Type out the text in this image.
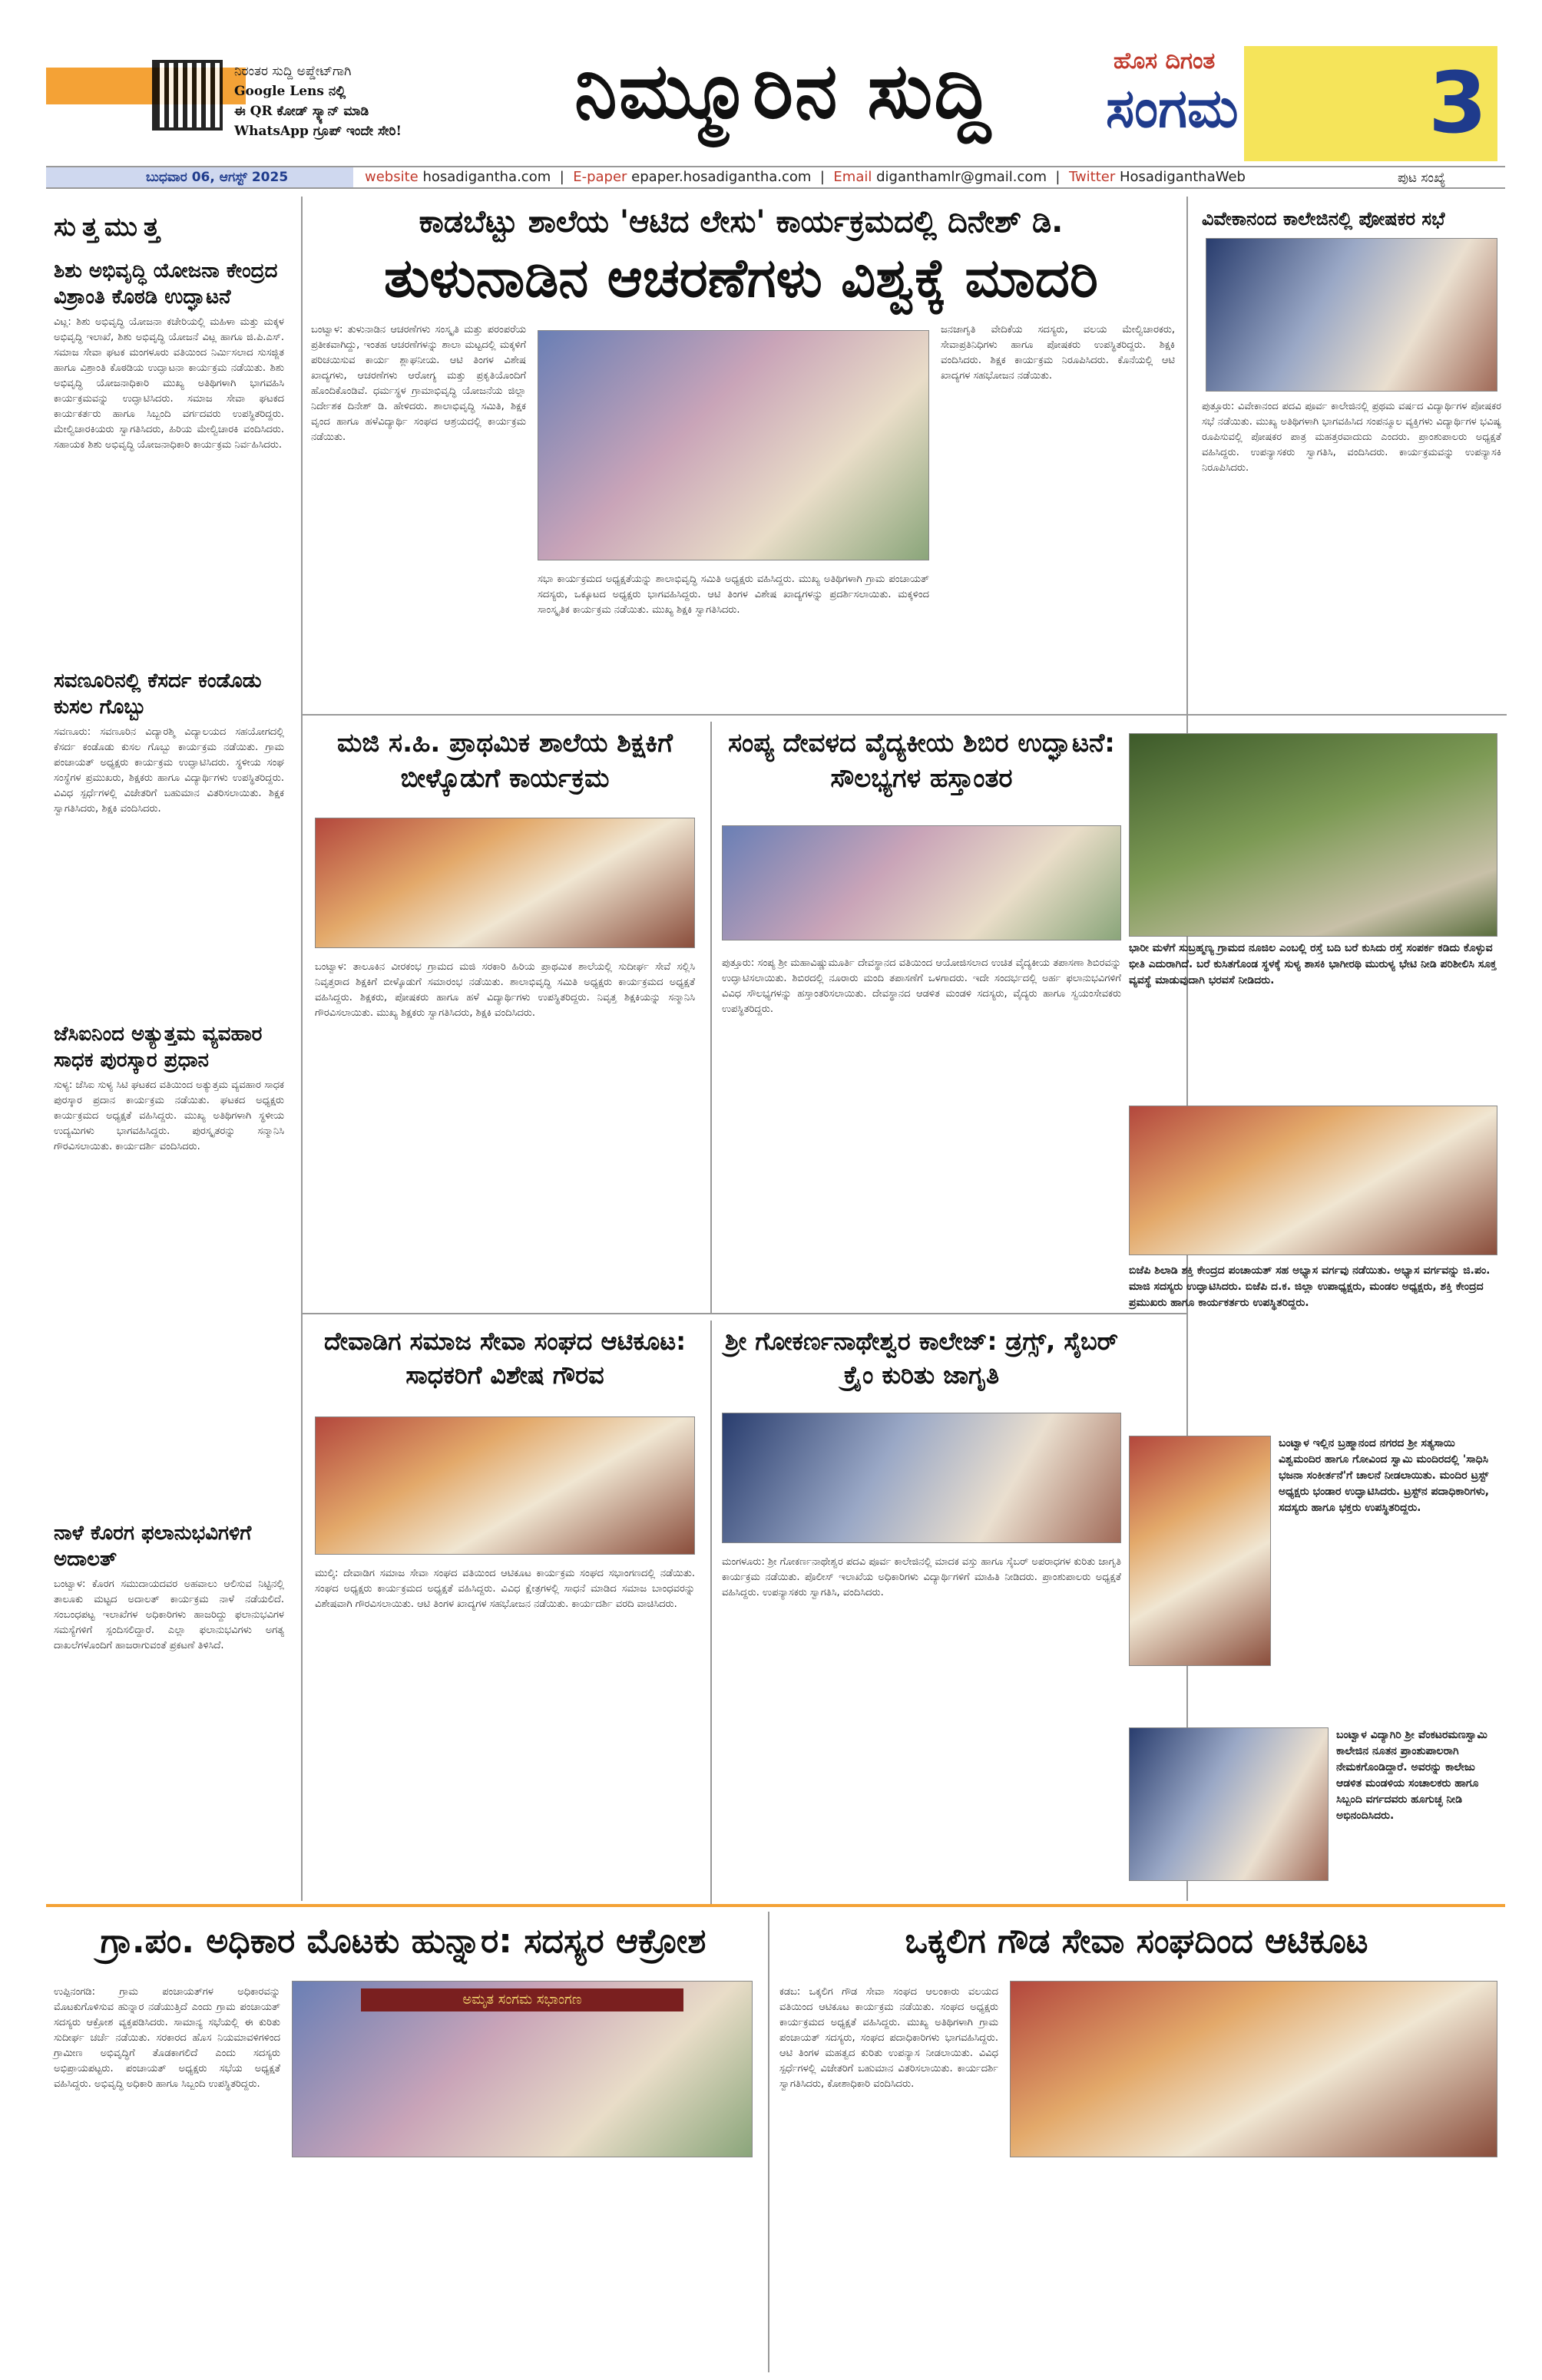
ನಿರಂತರ ಸುದ್ದಿ ಅಪ್ಡೇಟ್‌ಗಾಗಿ
Google Lens ನಲ್ಲಿ
ಈ QR ಕೋಡ್ ಸ್ಕ್ಯಾನ್ ಮಾಡಿ
WhatsApp ಗ್ರೂಪ್ ಇಂದೇ ಸೇರಿ!	ನಿಮ್ಮೂರಿನ ಸುದ್ದಿ	ಹೊಸ ದಿಗಂತ
ಸಂಗಮ 3
ಬುಧವಾರ 06, ಆಗಸ್ಟ್ 2025	website hosadigantha.com  |  E-paper epaper.hosadigantha.com  |  Email diganthamlr@gmail.com  |  Twitter HosadiganthaWeb	ಪುಟ ಸಂಖ್ಯೆ
ಸುತ್ತಮುತ್ತ
ಶಿಶು ಅಭಿವೃದ್ಧಿ ಯೋಜನಾ ಕೇಂದ್ರದ ವಿಶ್ರಾಂತಿ ಕೊಠಡಿ ಉದ್ಘಾಟನೆ
ವಿಟ್ಲ: ಶಿಶು ಅಭಿವೃದ್ಧಿ ಯೋಜನಾ ಕಚೇರಿಯಲ್ಲಿ ಮಹಿಳಾ ಮತ್ತು ಮಕ್ಕಳ ಅಭಿವೃದ್ಧಿ ಇಲಾಖೆ, ಶಿಶು ಅಭಿವೃದ್ಧಿ ಯೋಜನೆ ವಿಟ್ಲ ಹಾಗೂ ಜಿ.ಪಿ.ಎಸ್. ಸಮಾಜ ಸೇವಾ ಘಟಕ ಮಂಗಳೂರು ವತಿಯಿಂದ ನಿರ್ಮಿಸಲಾದ ಸುಸಜ್ಜಿತ ಹಾಗೂ ವಿಶ್ರಾಂತಿ ಕೊಠಡಿಯ ಉದ್ಘಾಟನಾ ಕಾರ್ಯಕ್ರಮ ನಡೆಯಿತು. ಶಿಶು ಅಭಿವೃದ್ಧಿ ಯೋಜನಾಧಿಕಾರಿ ಮುಖ್ಯ ಅತಿಥಿಗಳಾಗಿ ಭಾಗವಹಿಸಿ ಕಾರ್ಯಕ್ರಮವನ್ನು ಉದ್ಘಾಟಿಸಿದರು. ಸಮಾಜ ಸೇವಾ ಘಟಕದ ಕಾರ್ಯಕರ್ತರು ಹಾಗೂ ಸಿಬ್ಬಂದಿ ವರ್ಗದವರು ಉಪಸ್ಥಿತರಿದ್ದರು. ಮೇಲ್ವಿಚಾರಕಿಯರು ಸ್ವಾಗತಿಸಿದರು, ಹಿರಿಯ ಮೇಲ್ವಿಚಾರಕಿ ವಂದಿಸಿದರು. ಸಹಾಯಕ ಶಿಶು ಅಭಿವೃದ್ಧಿ ಯೋಜನಾಧಿಕಾರಿ ಕಾರ್ಯಕ್ರಮ ನಿರ್ವಹಿಸಿದರು.
ಸವಣೂರಿನಲ್ಲಿ ಕೆಸರ್ದ ಕಂಡೊಡು ಕುಸಲ ಗೊಬ್ಬು
ಸವಣೂರು: ಸವಣೂರಿನ ವಿದ್ಯಾರಶ್ಮಿ ವಿದ್ಯಾಲಯದ ಸಹಯೋಗದಲ್ಲಿ ಕೆಸರ್ದ ಕಂಡೊಡು ಕುಸಲ ಗೊಬ್ಬು ಕಾರ್ಯಕ್ರಮ ನಡೆಯಿತು. ಗ್ರಾಮ ಪಂಚಾಯತ್ ಅಧ್ಯಕ್ಷರು ಕಾರ್ಯಕ್ರಮ ಉದ್ಘಾಟಿಸಿದರು. ಸ್ಥಳೀಯ ಸಂಘ ಸಂಸ್ಥೆಗಳ ಪ್ರಮುಖರು, ಶಿಕ್ಷಕರು ಹಾಗೂ ವಿದ್ಯಾರ್ಥಿಗಳು ಉಪಸ್ಥಿತರಿದ್ದರು. ವಿವಿಧ ಸ್ಪರ್ಧೆಗಳಲ್ಲಿ ವಿಜೇತರಿಗೆ ಬಹುಮಾನ ವಿತರಿಸಲಾಯಿತು. ಶಿಕ್ಷಕ ಸ್ವಾಗತಿಸಿದರು, ಶಿಕ್ಷಕಿ ವಂದಿಸಿದರು.
ಜೆಸಿಐನಿಂದ ಅತ್ಯುತ್ತಮ ವ್ಯವಹಾರ ಸಾಧಕ ಪುರಸ್ಕಾರ ಪ್ರಧಾನ
ಸುಳ್ಯ: ಜೆಸಿಐ ಸುಳ್ಯ ಸಿಟಿ ಘಟಕದ ವತಿಯಿಂದ ಅತ್ಯುತ್ತಮ ವ್ಯವಹಾರ ಸಾಧಕ ಪುರಸ್ಕಾರ ಪ್ರದಾನ ಕಾರ್ಯಕ್ರಮ ನಡೆಯಿತು. ಘಟಕದ ಅಧ್ಯಕ್ಷರು ಕಾರ್ಯಕ್ರಮದ ಅಧ್ಯಕ್ಷತೆ ವಹಿಸಿದ್ದರು. ಮುಖ್ಯ ಅತಿಥಿಗಳಾಗಿ ಸ್ಥಳೀಯ ಉದ್ಯಮಿಗಳು ಭಾಗವಹಿಸಿದ್ದರು. ಪುರಸ್ಕೃತರನ್ನು ಸನ್ಮಾನಿಸಿ ಗೌರವಿಸಲಾಯಿತು. ಕಾರ್ಯದರ್ಶಿ ವಂದಿಸಿದರು.
ನಾಳೆ ಕೊರಗ ಫಲಾನುಭವಿಗಳಿಗೆ ಅದಾಲತ್
ಬಂಟ್ವಾಳ: ಕೊರಗ ಸಮುದಾಯದವರ ಅಹವಾಲು ಆಲಿಸುವ ನಿಟ್ಟಿನಲ್ಲಿ ತಾಲೂಕು ಮಟ್ಟದ ಅದಾಲತ್ ಕಾರ್ಯಕ್ರಮ ನಾಳೆ ನಡೆಯಲಿದೆ. ಸಂಬಂಧಪಟ್ಟ ಇಲಾಖೆಗಳ ಅಧಿಕಾರಿಗಳು ಹಾಜರಿದ್ದು ಫಲಾನುಭವಿಗಳ ಸಮಸ್ಯೆಗಳಿಗೆ ಸ್ಪಂದಿಸಲಿದ್ದಾರೆ. ಎಲ್ಲಾ ಫಲಾನುಭವಿಗಳು ಅಗತ್ಯ ದಾಖಲೆಗಳೊಂದಿಗೆ ಹಾಜರಾಗುವಂತೆ ಪ್ರಕಟಣೆ ತಿಳಿಸಿದೆ.
ಕಾಡಬೆಟ್ಟು ಶಾಲೆಯ 'ಆಟಿದ ಲೇಸು' ಕಾರ್ಯಕ್ರಮದಲ್ಲಿ ದಿನೇಶ್ ಡಿ.
ತುಳುನಾಡಿನ ಆಚರಣೆಗಳು ವಿಶ್ವಕ್ಕೆ ಮಾದರಿ
ಬಂಟ್ವಾಳ: ತುಳುನಾಡಿನ ಆಚರಣೆಗಳು ಸಂಸ್ಕೃತಿ ಮತ್ತು ಪರಂಪರೆಯ ಪ್ರತೀಕವಾಗಿದ್ದು, ಇಂತಹ ಆಚರಣೆಗಳನ್ನು ಶಾಲಾ ಮಟ್ಟದಲ್ಲಿ ಮಕ್ಕಳಿಗೆ ಪರಿಚಯಿಸುವ ಕಾರ್ಯ ಶ್ಲಾಘನೀಯ. ಆಟಿ ತಿಂಗಳ ವಿಶೇಷ ಖಾದ್ಯಗಳು, ಆಚರಣೆಗಳು ಆರೋಗ್ಯ ಮತ್ತು ಪ್ರಕೃತಿಯೊಂದಿಗೆ ಹೊಂದಿಕೊಂಡಿವೆ. ಧರ್ಮಸ್ಥಳ ಗ್ರಾಮಾಭಿವೃದ್ಧಿ ಯೋಜನೆಯ ಜಿಲ್ಲಾ ನಿರ್ದೇಶಕ ದಿನೇಶ್ ಡಿ. ಹೇಳಿದರು. ಶಾಲಾಭಿವೃದ್ಧಿ ಸಮಿತಿ, ಶಿಕ್ಷಕ ವೃಂದ ಹಾಗೂ ಹಳೆವಿದ್ಯಾರ್ಥಿ ಸಂಘದ ಆಶ್ರಯದಲ್ಲಿ ಕಾರ್ಯಕ್ರಮ ನಡೆಯಿತು.
ಸಭಾ ಕಾರ್ಯಕ್ರಮದ ಅಧ್ಯಕ್ಷತೆಯನ್ನು ಶಾಲಾಭಿವೃದ್ಧಿ ಸಮಿತಿ ಅಧ್ಯಕ್ಷರು ವಹಿಸಿದ್ದರು. ಮುಖ್ಯ ಅತಿಥಿಗಳಾಗಿ ಗ್ರಾಮ ಪಂಚಾಯತ್ ಸದಸ್ಯರು, ಒಕ್ಕೂಟದ ಅಧ್ಯಕ್ಷರು ಭಾಗವಹಿಸಿದ್ದರು. ಆಟಿ ತಿಂಗಳ ವಿಶೇಷ ಖಾದ್ಯಗಳನ್ನು ಪ್ರದರ್ಶಿಸಲಾಯಿತು. ಮಕ್ಕಳಿಂದ ಸಾಂಸ್ಕೃತಿಕ ಕಾರ್ಯಕ್ರಮ ನಡೆಯಿತು. ಮುಖ್ಯ ಶಿಕ್ಷಕಿ ಸ್ವಾಗತಿಸಿದರು.
ಜನಜಾಗೃತಿ ವೇದಿಕೆಯ ಸದಸ್ಯರು, ವಲಯ ಮೇಲ್ವಿಚಾರಕರು, ಸೇವಾಪ್ರತಿನಿಧಿಗಳು ಹಾಗೂ ಪೋಷಕರು ಉಪಸ್ಥಿತರಿದ್ದರು. ಶಿಕ್ಷಕಿ ವಂದಿಸಿದರು. ಶಿಕ್ಷಕ ಕಾರ್ಯಕ್ರಮ ನಿರೂಪಿಸಿದರು. ಕೊನೆಯಲ್ಲಿ ಆಟಿ ಖಾದ್ಯಗಳ ಸಹಭೋಜನ ನಡೆಯಿತು.
ವಿವೇಕಾನಂದ ಕಾಲೇಜಿನಲ್ಲಿ ಪೋಷಕರ ಸಭೆ
ಪುತ್ತೂರು: ವಿವೇಕಾನಂದ ಪದವಿ ಪೂರ್ವ ಕಾಲೇಜಿನಲ್ಲಿ ಪ್ರಥಮ ವರ್ಷದ ವಿದ್ಯಾರ್ಥಿಗಳ ಪೋಷಕರ ಸಭೆ ನಡೆಯಿತು. ಮುಖ್ಯ ಅತಿಥಿಗಳಾಗಿ ಭಾಗವಹಿಸಿದ ಸಂಪನ್ಮೂಲ ವ್ಯಕ್ತಿಗಳು ವಿದ್ಯಾರ್ಥಿಗಳ ಭವಿಷ್ಯ ರೂಪಿಸುವಲ್ಲಿ ಪೋಷಕರ ಪಾತ್ರ ಮಹತ್ತರವಾದುದು ಎಂದರು. ಪ್ರಾಂಶುಪಾಲರು ಅಧ್ಯಕ್ಷತೆ ವಹಿಸಿದ್ದರು. ಉಪನ್ಯಾಸಕರು ಸ್ವಾಗತಿಸಿ, ವಂದಿಸಿದರು. ಕಾರ್ಯಕ್ರಮವನ್ನು ಉಪನ್ಯಾಸಕಿ ನಿರೂಪಿಸಿದರು.
ಮಜಿ ಸ.ಹಿ. ಪ್ರಾಥಮಿಕ ಶಾಲೆಯ ಶಿಕ್ಷಕಿಗೆ ಬೀಳ್ಕೊಡುಗೆ ಕಾರ್ಯಕ್ರಮ
ಬಂಟ್ವಾಳ: ತಾಲೂಕಿನ ವೀರಕಂಭ ಗ್ರಾಮದ ಮಜಿ ಸರಕಾರಿ ಹಿರಿಯ ಪ್ರಾಥಮಿಕ ಶಾಲೆಯಲ್ಲಿ ಸುದೀರ್ಘ ಸೇವೆ ಸಲ್ಲಿಸಿ ನಿವೃತ್ತರಾದ ಶಿಕ್ಷಕಿಗೆ ಬೀಳ್ಕೊಡುಗೆ ಸಮಾರಂಭ ನಡೆಯಿತು. ಶಾಲಾಭಿವೃದ್ಧಿ ಸಮಿತಿ ಅಧ್ಯಕ್ಷರು ಕಾರ್ಯಕ್ರಮದ ಅಧ್ಯಕ್ಷತೆ ವಹಿಸಿದ್ದರು. ಶಿಕ್ಷಕರು, ಪೋಷಕರು ಹಾಗೂ ಹಳೆ ವಿದ್ಯಾರ್ಥಿಗಳು ಉಪಸ್ಥಿತರಿದ್ದರು. ನಿವೃತ್ತ ಶಿಕ್ಷಕಿಯನ್ನು ಸನ್ಮಾನಿಸಿ ಗೌರವಿಸಲಾಯಿತು. ಮುಖ್ಯ ಶಿಕ್ಷಕರು ಸ್ವಾಗತಿಸಿದರು, ಶಿಕ್ಷಕಿ ವಂದಿಸಿದರು.
ಸಂಪ್ಯ ದೇವಳದ ವೈದ್ಯಕೀಯ ಶಿಬಿರ ಉದ್ಘಾಟನೆ: ಸೌಲಭ್ಯಗಳ ಹಸ್ತಾಂತರ
ಪುತ್ತೂರು: ಸಂಪ್ಯ ಶ್ರೀ ಮಹಾವಿಷ್ಣುಮೂರ್ತಿ ದೇವಸ್ಥಾನದ ವತಿಯಿಂದ ಆಯೋಜಿಸಲಾದ ಉಚಿತ ವೈದ್ಯಕೀಯ ತಪಾಸಣಾ ಶಿಬಿರವನ್ನು ಉದ್ಘಾಟಿಸಲಾಯಿತು. ಶಿಬಿರದಲ್ಲಿ ನೂರಾರು ಮಂದಿ ತಪಾಸಣೆಗೆ ಒಳಗಾದರು. ಇದೇ ಸಂದರ್ಭದಲ್ಲಿ ಅರ್ಹ ಫಲಾನುಭವಿಗಳಿಗೆ ವಿವಿಧ ಸೌಲಭ್ಯಗಳನ್ನು ಹಸ್ತಾಂತರಿಸಲಾಯಿತು. ದೇವಸ್ಥಾನದ ಆಡಳಿತ ಮಂಡಳಿ ಸದಸ್ಯರು, ವೈದ್ಯರು ಹಾಗೂ ಸ್ವಯಂಸೇವಕರು ಉಪಸ್ಥಿತರಿದ್ದರು.
ಭಾರೀ ಮಳೆಗೆ ಸುಬ್ರಹ್ಮಣ್ಯ ಗ್ರಾಮದ ನೂಜಿಲ ಎಂಬಲ್ಲಿ ರಸ್ತೆ ಬದಿ ಬರೆ ಕುಸಿದು ರಸ್ತೆ ಸಂಪರ್ಕ ಕಡಿದು ಕೊಳ್ಳುವ ಭೀತಿ ಎದುರಾಗಿದೆ. ಬರೆ ಕುಸಿತಗೊಂಡ ಸ್ಥಳಕ್ಕೆ ಸುಳ್ಯ ಶಾಸಕಿ ಭಾಗೀರಥಿ ಮುರುಳ್ಯ ಭೇಟಿ ನೀಡಿ ಪರಿಶೀಲಿಸಿ ಸೂಕ್ತ ವ್ಯವಸ್ಥೆ ಮಾಡುವುದಾಗಿ ಭರವಸೆ ನೀಡಿದರು.
ಬಿಜೆಪಿ ಶಿಲಾಡಿ ಶಕ್ತಿ ಕೇಂದ್ರದ ಪಂಚಾಯತ್ ಸಹ ಅಭ್ಯಾಸ ವರ್ಗವು ನಡೆಯಿತು. ಅಭ್ಯಾಸ ವರ್ಗವನ್ನು ಜಿ.ಪಂ. ಮಾಜಿ ಸದಸ್ಯರು ಉದ್ಘಾಟಿಸಿದರು. ಬಿಜೆಪಿ ದ.ಕ. ಜಿಲ್ಲಾ ಉಪಾಧ್ಯಕ್ಷರು, ಮಂಡಲ ಅಧ್ಯಕ್ಷರು, ಶಕ್ತಿ ಕೇಂದ್ರದ ಪ್ರಮುಖರು ಹಾಗೂ ಕಾರ್ಯಕರ್ತರು ಉಪಸ್ಥಿತರಿದ್ದರು.
ಬಂಟ್ವಾಳ ಇಲ್ಲಿನ ಬ್ರಹ್ಮಾನಂದ ನಗರದ ಶ್ರೀ ಸತ್ಯಸಾಯಿ ವಿಶ್ವಮಂದಿರ ಹಾಗೂ ಗೋವಿಂದ ಸ್ವಾಮಿ ಮಂದಿರದಲ್ಲಿ 'ಸಾಧಿಸಿ ಭಜನಾ ಸಂಕೀರ್ತನೆ'ಗೆ ಚಾಲನೆ ನೀಡಲಾಯಿತು. ಮಂದಿರ ಟ್ರಸ್ಟ್ ಅಧ್ಯಕ್ಷರು ಭಂಡಾರ ಉದ್ಘಾಟಿಸಿದರು. ಟ್ರಸ್ಟ್‌ನ ಪದಾಧಿಕಾರಿಗಳು, ಸದಸ್ಯರು ಹಾಗೂ ಭಕ್ತರು ಉಪಸ್ಥಿತರಿದ್ದರು.
ಬಂಟ್ವಾಳ ವಿದ್ಯಾಗಿರಿ ಶ್ರೀ ವೆಂಕಟರಮಣಸ್ವಾಮಿ ಕಾಲೇಜಿನ ನೂತನ ಪ್ರಾಂಶುಪಾಲರಾಗಿ ನೇಮಕಗೊಂಡಿದ್ದಾರೆ. ಅವರನ್ನು ಕಾಲೇಜು ಆಡಳಿತ ಮಂಡಳಿಯ ಸಂಚಾಲಕರು ಹಾಗೂ ಸಿಬ್ಬಂದಿ ವರ್ಗದವರು ಹೂಗುಚ್ಛ ನೀಡಿ ಅಭಿನಂದಿಸಿದರು.
ದೇವಾಡಿಗ ಸಮಾಜ ಸೇವಾ ಸಂಘದ ಆಟಿಕೂಟ: ಸಾಧಕರಿಗೆ ವಿಶೇಷ ಗೌರವ
ಮುಲ್ಕಿ: ದೇವಾಡಿಗ ಸಮಾಜ ಸೇವಾ ಸಂಘದ ವತಿಯಿಂದ ಆಟಿಕೂಟ ಕಾರ್ಯಕ್ರಮ ಸಂಘದ ಸಭಾಂಗಣದಲ್ಲಿ ನಡೆಯಿತು. ಸಂಘದ ಅಧ್ಯಕ್ಷರು ಕಾರ್ಯಕ್ರಮದ ಅಧ್ಯಕ್ಷತೆ ವಹಿಸಿದ್ದರು. ವಿವಿಧ ಕ್ಷೇತ್ರಗಳಲ್ಲಿ ಸಾಧನೆ ಮಾಡಿದ ಸಮಾಜ ಬಾಂಧವರನ್ನು ವಿಶೇಷವಾಗಿ ಗೌರವಿಸಲಾಯಿತು. ಆಟಿ ತಿಂಗಳ ಖಾದ್ಯಗಳ ಸಹಭೋಜನ ನಡೆಯಿತು. ಕಾರ್ಯದರ್ಶಿ ವರದಿ ವಾಚಿಸಿದರು.
ಶ್ರೀ ಗೋಕರ್ಣನಾಥೇಶ್ವರ ಕಾಲೇಜ್: ಡ್ರಗ್ಸ್, ಸೈಬರ್ ಕ್ರೈಂ ಕುರಿತು ಜಾಗೃತಿ
ಮಂಗಳೂರು: ಶ್ರೀ ಗೋಕರ್ಣನಾಥೇಶ್ವರ ಪದವಿ ಪೂರ್ವ ಕಾಲೇಜಿನಲ್ಲಿ ಮಾದಕ ವಸ್ತು ಹಾಗೂ ಸೈಬರ್ ಅಪರಾಧಗಳ ಕುರಿತು ಜಾಗೃತಿ ಕಾರ್ಯಕ್ರಮ ನಡೆಯಿತು. ಪೊಲೀಸ್ ಇಲಾಖೆಯ ಅಧಿಕಾರಿಗಳು ವಿದ್ಯಾರ್ಥಿಗಳಿಗೆ ಮಾಹಿತಿ ನೀಡಿದರು. ಪ್ರಾಂಶುಪಾಲರು ಅಧ್ಯಕ್ಷತೆ ವಹಿಸಿದ್ದರು. ಉಪನ್ಯಾಸಕರು ಸ್ವಾಗತಿಸಿ, ವಂದಿಸಿದರು.
ಗ್ರಾ.ಪಂ. ಅಧಿಕಾರ ಮೊಟಕು ಹುನ್ನಾರ: ಸದಸ್ಯರ ಆಕ್ರೋಶ
ಅಮೃತ ಸಂಗಮ ಸಭಾಂಗಣ
ಉಪ್ಪಿನಂಗಡಿ: ಗ್ರಾಮ ಪಂಚಾಯತ್‌ಗಳ ಅಧಿಕಾರವನ್ನು ಮೊಟಕುಗೊಳಿಸುವ ಹುನ್ನಾರ ನಡೆಯುತ್ತಿದೆ ಎಂದು ಗ್ರಾಮ ಪಂಚಾಯತ್ ಸದಸ್ಯರು ಆಕ್ರೋಶ ವ್ಯಕ್ತಪಡಿಸಿದರು. ಸಾಮಾನ್ಯ ಸಭೆಯಲ್ಲಿ ಈ ಕುರಿತು ಸುದೀರ್ಘ ಚರ್ಚೆ ನಡೆಯಿತು. ಸರಕಾರದ ಹೊಸ ನಿಯಮಾವಳಿಗಳಿಂದ ಗ್ರಾಮೀಣ ಅಭಿವೃದ್ಧಿಗೆ ತೊಡಕಾಗಲಿದೆ ಎಂದು ಸದಸ್ಯರು ಅಭಿಪ್ರಾಯಪಟ್ಟರು. ಪಂಚಾಯತ್ ಅಧ್ಯಕ್ಷರು ಸಭೆಯ ಅಧ್ಯಕ್ಷತೆ ವಹಿಸಿದ್ದರು. ಅಭಿವೃದ್ಧಿ ಅಧಿಕಾರಿ ಹಾಗೂ ಸಿಬ್ಬಂದಿ ಉಪಸ್ಥಿತರಿದ್ದರು.
ಒಕ್ಕಲಿಗ ಗೌಡ ಸೇವಾ ಸಂಘದಿಂದ ಆಟಿಕೂಟ
ಕಡಬ: ಒಕ್ಕಲಿಗ ಗೌಡ ಸೇವಾ ಸಂಘದ ಆಲಂಕಾರು ವಲಯದ ವತಿಯಿಂದ ಆಟಿಕೂಟ ಕಾರ್ಯಕ್ರಮ ನಡೆಯಿತು. ಸಂಘದ ಅಧ್ಯಕ್ಷರು ಕಾರ್ಯಕ್ರಮದ ಅಧ್ಯಕ್ಷತೆ ವಹಿಸಿದ್ದರು. ಮುಖ್ಯ ಅತಿಥಿಗಳಾಗಿ ಗ್ರಾಮ ಪಂಚಾಯತ್ ಸದಸ್ಯರು, ಸಂಘದ ಪದಾಧಿಕಾರಿಗಳು ಭಾಗವಹಿಸಿದ್ದರು. ಆಟಿ ತಿಂಗಳ ಮಹತ್ವದ ಕುರಿತು ಉಪನ್ಯಾಸ ನೀಡಲಾಯಿತು. ವಿವಿಧ ಸ್ಪರ್ಧೆಗಳಲ್ಲಿ ವಿಜೇತರಿಗೆ ಬಹುಮಾನ ವಿತರಿಸಲಾಯಿತು. ಕಾರ್ಯದರ್ಶಿ ಸ್ವಾಗತಿಸಿದರು, ಕೋಶಾಧಿಕಾರಿ ವಂದಿಸಿದರು.
